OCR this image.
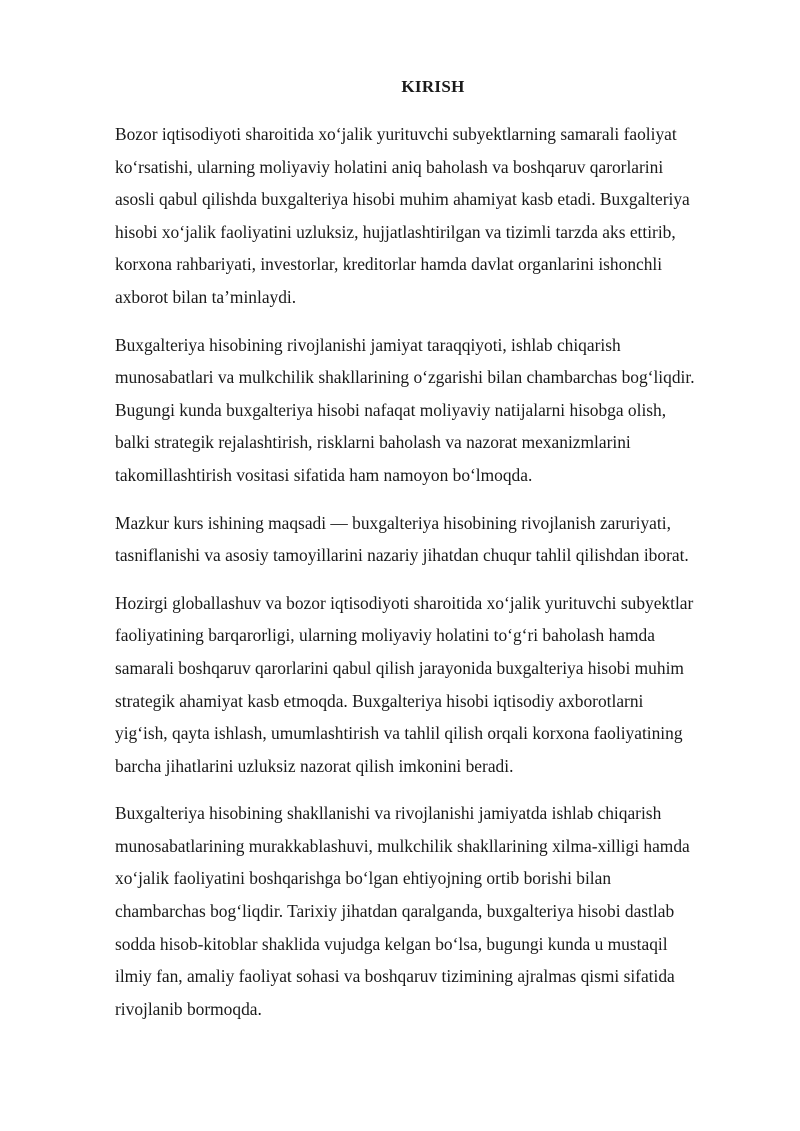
KIRISH

Bozor iqtisodiyoti sharoitida xo‘jalik yurituvchi subyektlarning samarali faoliyat
ko‘rsatishi, ularning moliyaviy holatini aniq baholash va boshqaruv qarorlarini
asosli qabul qilishda buxgalteriya hisobi muhim ahamiyat kasb etadi. Buxgalteriya
hisobi xo‘jalik faoliyatini uzluksiz, hujjatlashtirilgan va tizimli tarzda aks ettirib,
korxona rahbariyati, investorlar, kreditorlar hamda davlat organlarini ishonchli
axborot bilan ta’minlaydi.

Buxgalteriya hisobining rivojlanishi jamiyat taraqqiyoti, ishlab chiqarish
munosabatlari va mulkchilik shakllarining o‘zgarishi bilan chambarchas bog‘liqdir.
Bugungi kunda buxgalteriya hisobi nafaqat moliyaviy natijalarni hisobga olish,
balki strategik rejalashtirish, risklarni baholash va nazorat mexanizmlarini
takomillashtirish vositasi sifatida ham namoyon bo‘lmoqda.

Mazkur kurs ishining maqsadi — buxgalteriya hisobining rivojlanish zaruriyati,
tasniflanishi va asosiy tamoyillarini nazariy jihatdan chuqur tahlil qilishdan iborat.

Hozirgi globallashuv va bozor iqtisodiyoti sharoitida xo‘jalik yurituvchi subyektlar
faoliyatining barqarorligi, ularning moliyaviy holatini to‘g‘ri baholash hamda
samarali boshqaruv qarorlarini qabul qilish jarayonida buxgalteriya hisobi muhim
strategik ahamiyat kasb etmoqda. Buxgalteriya hisobi iqtisodiy axborotlarni
yig‘ish, qayta ishlash, umumlashtirish va tahlil qilish orqali korxona faoliyatining
barcha jihatlarini uzluksiz nazorat qilish imkonini beradi.

Buxgalteriya hisobining shakllanishi va rivojlanishi jamiyatda ishlab chiqarish
munosabatlarining murakkablashuvi, mulkchilik shakllarining xilma-xilligi hamda
xo‘jalik faoliyatini boshqarishga bo‘lgan ehtiyojning ortib borishi bilan
chambarchas bog‘liqdir. Tarixiy jihatdan qaralganda, buxgalteriya hisobi dastlab
sodda hisob-kitoblar shaklida vujudga kelgan bo‘lsa, bugungi kunda u mustaqil
ilmiy fan, amaliy faoliyat sohasi va boshqaruv tizimining ajralmas qismi sifatida
rivojlanib bormoqda.
